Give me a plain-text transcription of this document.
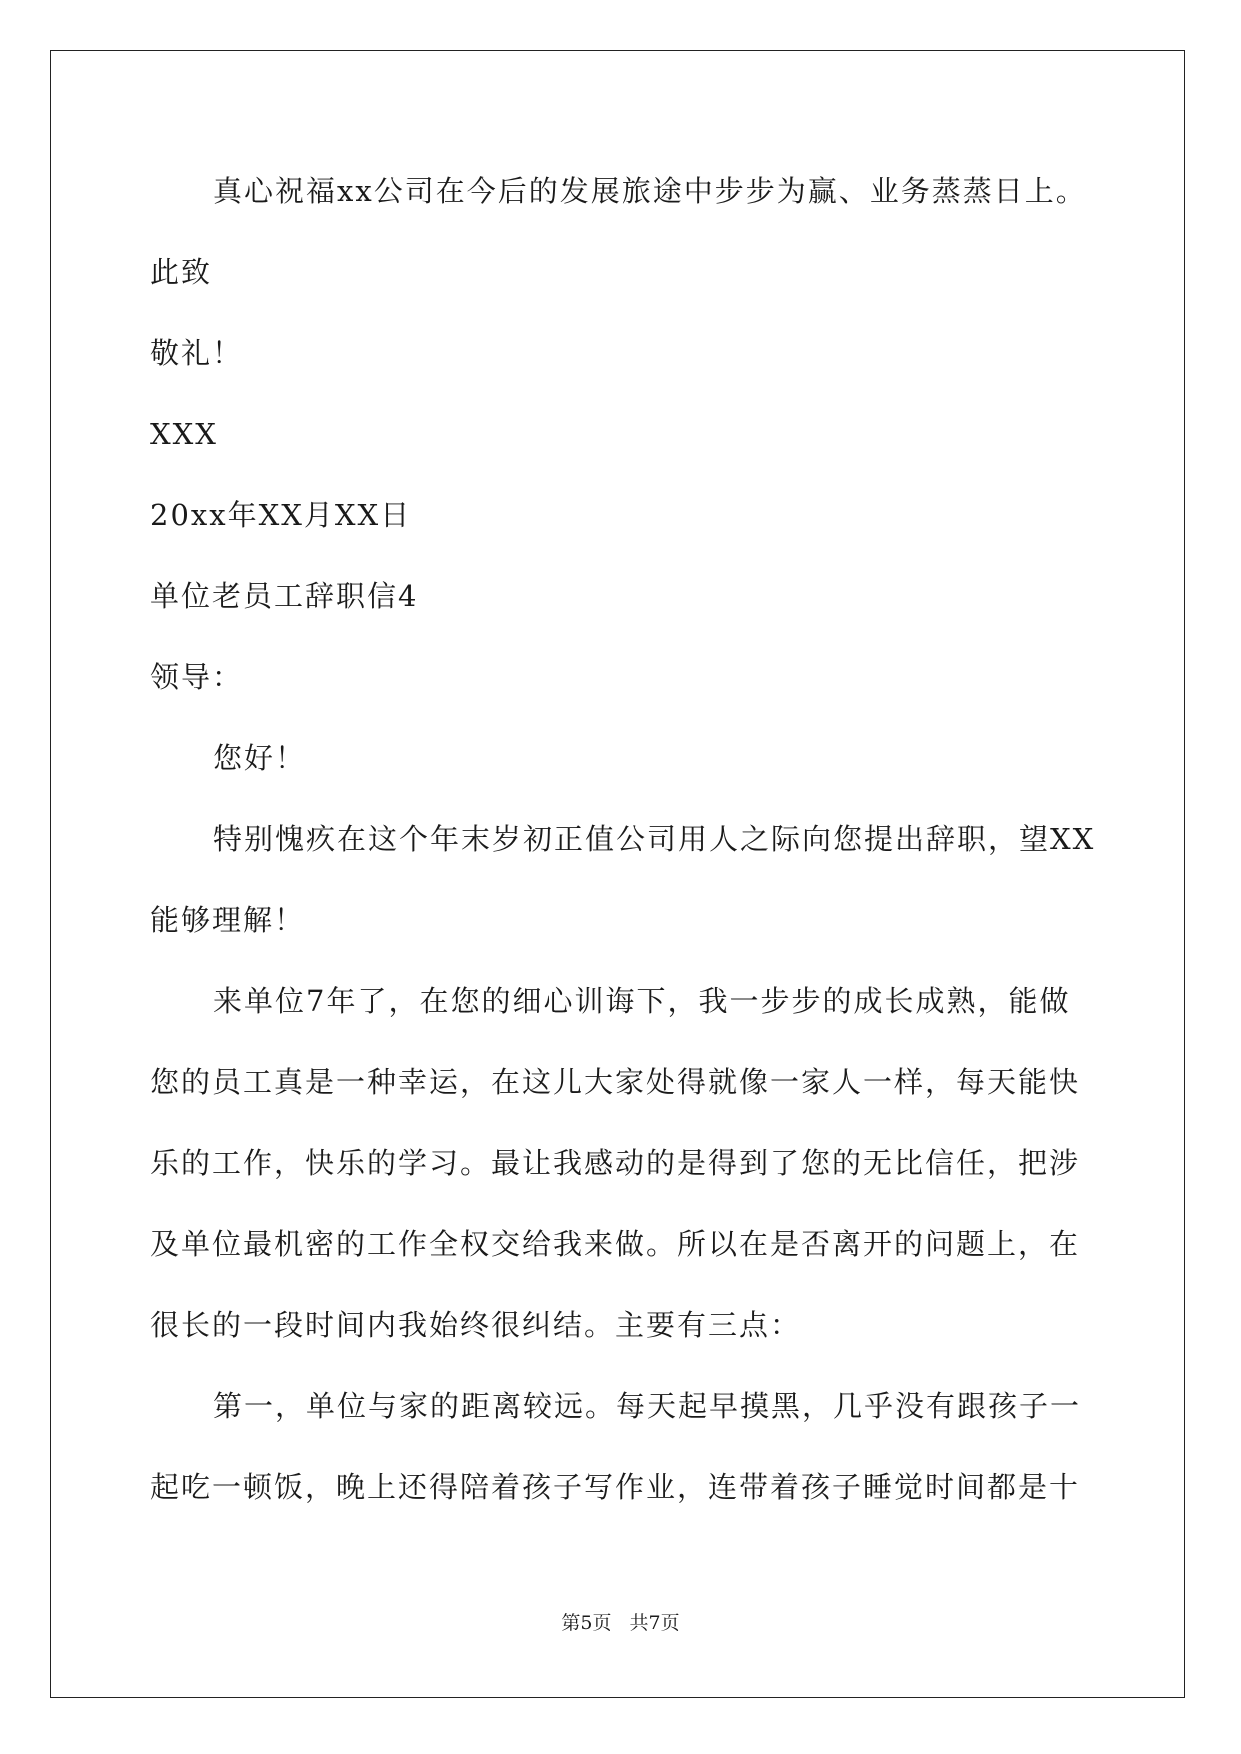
真心祝福xx公司在今后的发展旅途中步步为赢、业务蒸蒸日上。
此致
敬礼！
XXX
20xx年XX月XX日
单位老员工辞职信4
领导：
您好！
特别愧疚在这个年末岁初正值公司用人之际向您提出辞职，望XX
能够理解！
来单位7年了，在您的细心训诲下，我一步步的成长成熟，能做
您的员工真是一种幸运，在这儿大家处得就像一家人一样，每天能快
乐的工作，快乐的学习。最让我感动的是得到了您的无比信任，把涉
及单位最机密的工作全权交给我来做。所以在是否离开的问题上，在
很长的一段时间内我始终很纠结。主要有三点：
第一，单位与家的距离较远。每天起早摸黑，几乎没有跟孩子一
起吃一顿饭，晚上还得陪着孩子写作业，连带着孩子睡觉时间都是十
第5页 共7页
